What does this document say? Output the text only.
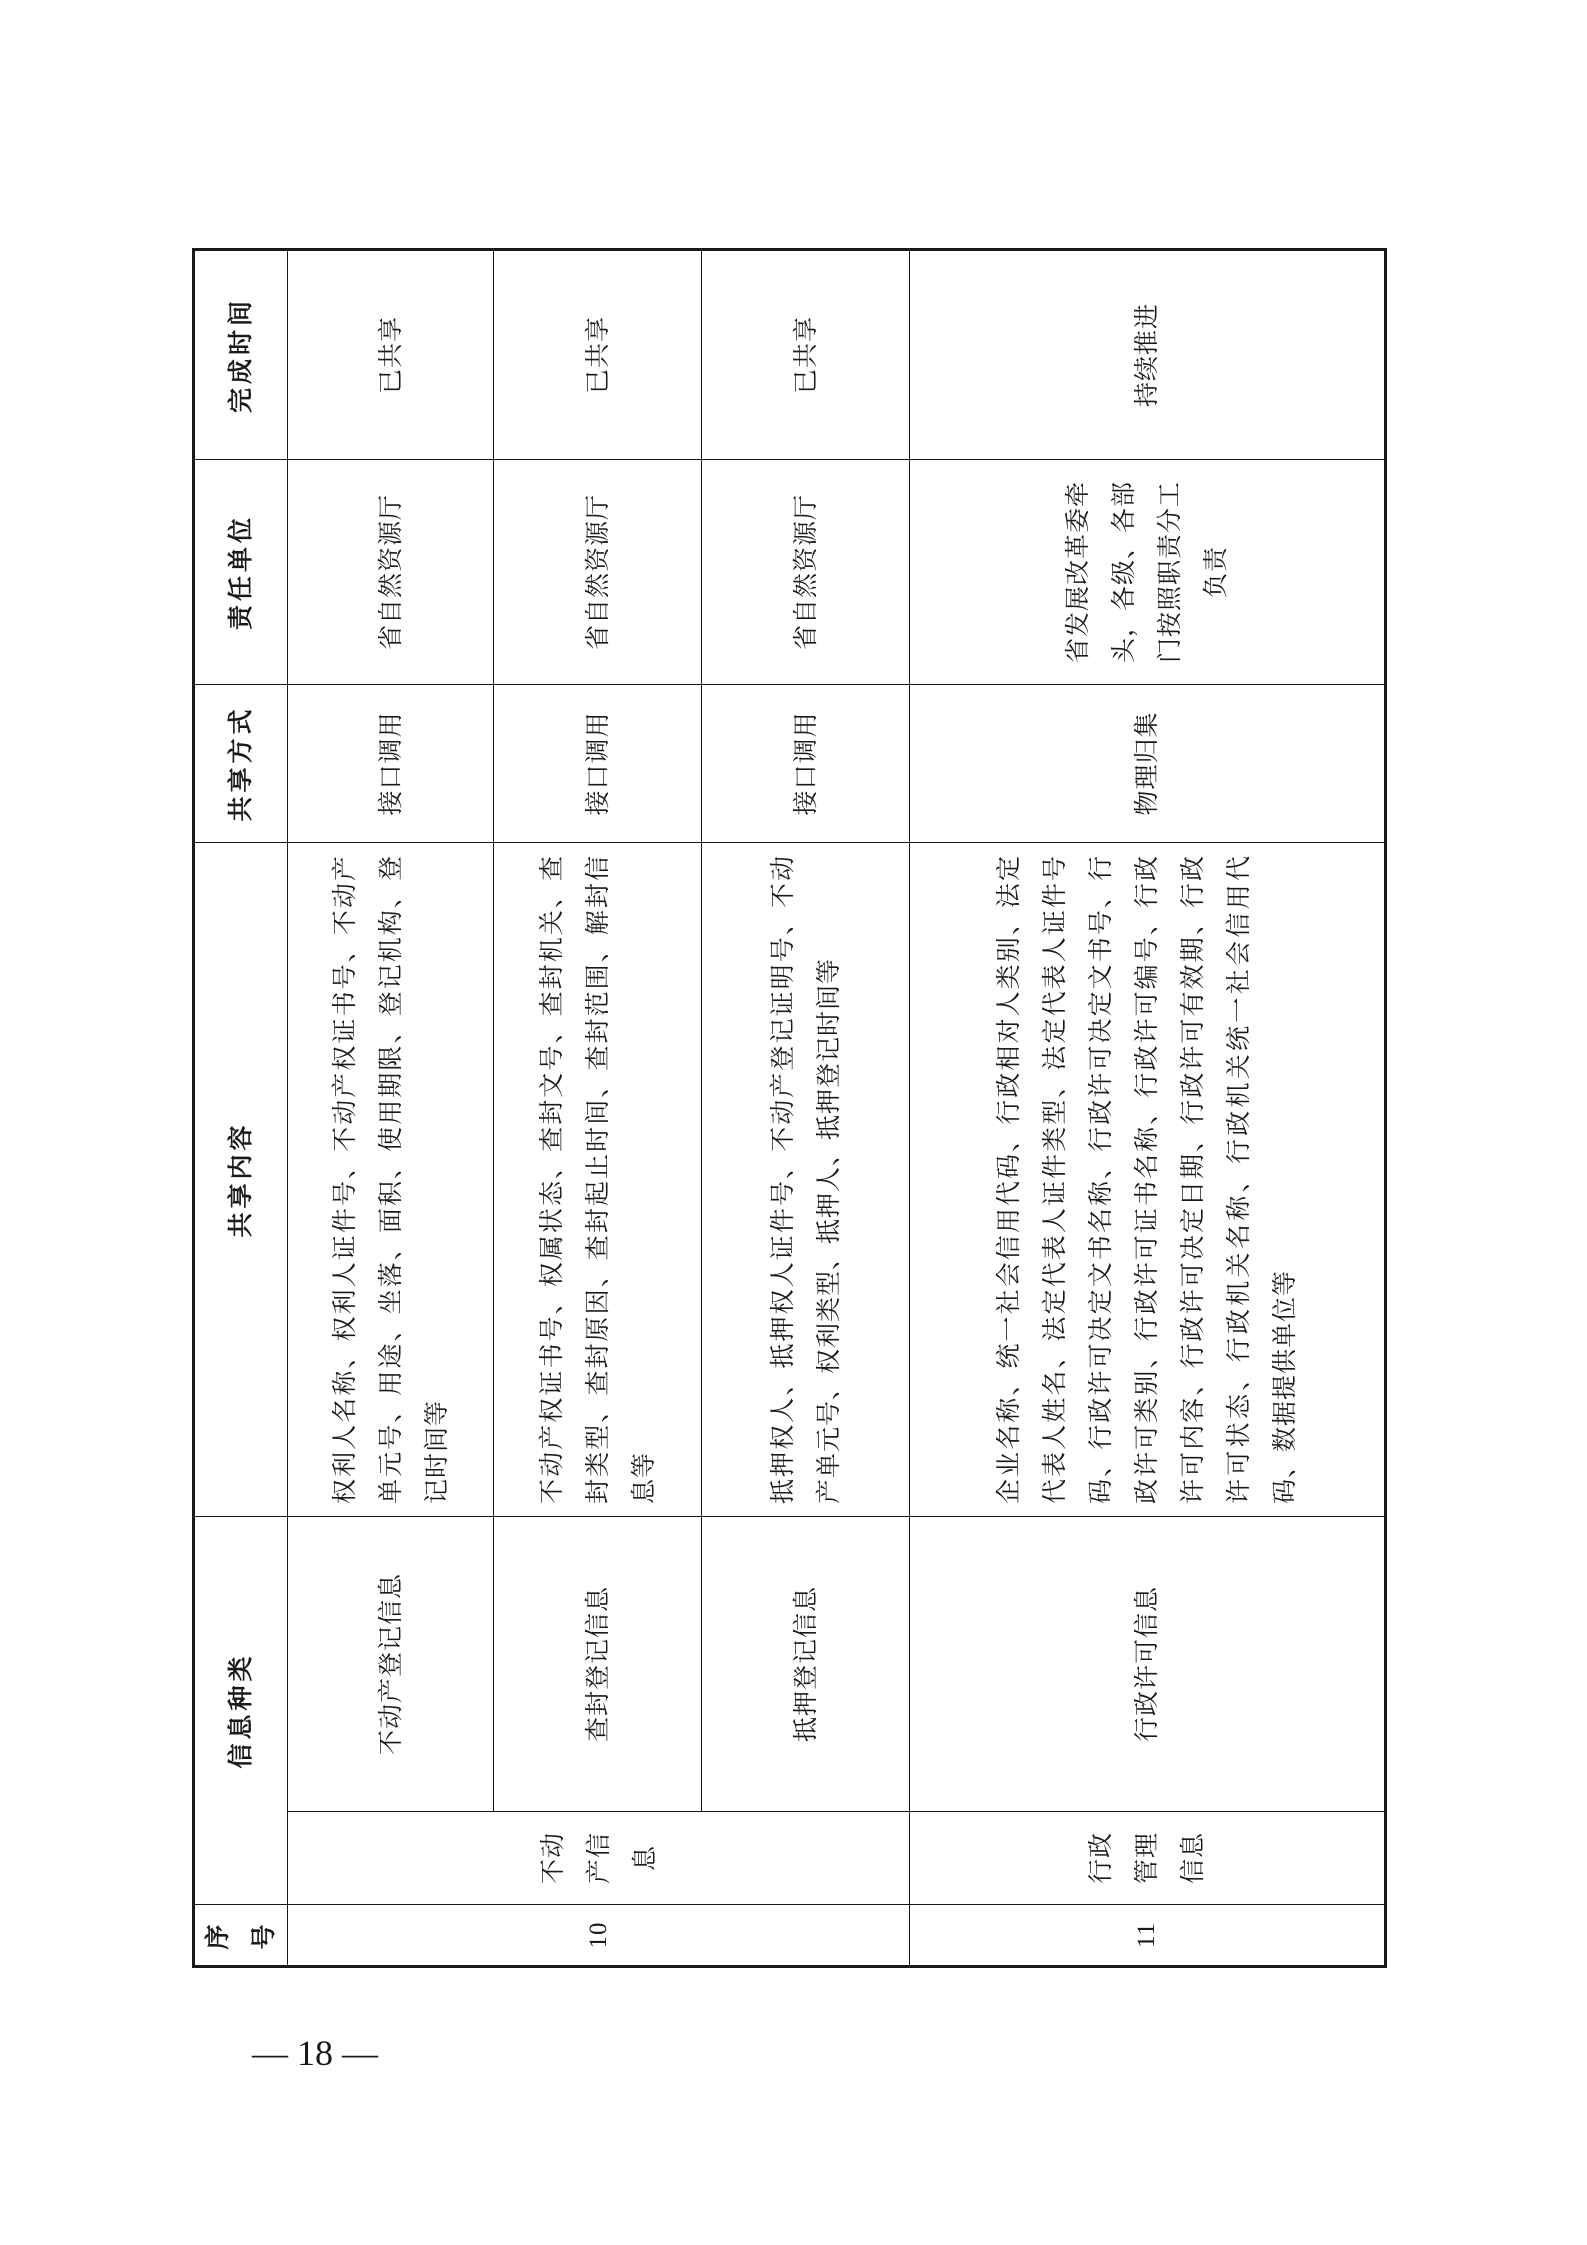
序号	信息种类		共享内容	共享方式	责任单位	完成时间
10	不动产信息	不动产登记信息	权利人名称、权利人证件号、不动产权证书号、不动产单元号、用途、坐落、面积、使用期限、登记机构、登记时间等	接口调用	省自然资源厅	已共享
		查封登记信息	不动产权证书号、权属状态、查封文号、查封机关、查封类型、查封原因、查封起止时间、查封范围、解封信息等	接口调用	省自然资源厅	已共享
		抵押登记信息	抵押权人、抵押权人证件号、不动产登记证明号、不动产单元号、权利类型、抵押人、抵押登记时间等	接口调用	省自然资源厅	已共享
11	行政管理信息	行政许可信息	企业名称、统一社会信用代码、行政相对人类别、法定代表人姓名、法定代表人证件类型、法定代表人证件号码、行政许可决定文书名称、行政许可决定文书号、行政许可类别、行政许可证书名称、行政许可编号、行政许可内容、行政许可决定日期、行政许可有效期、行政许可状态、行政机关名称、行政机关统一社会信用代码、数据提供单位等	物理归集	省发展改革委牵头，各级、各部门按照职责分工负责	持续推进
— 18 —
